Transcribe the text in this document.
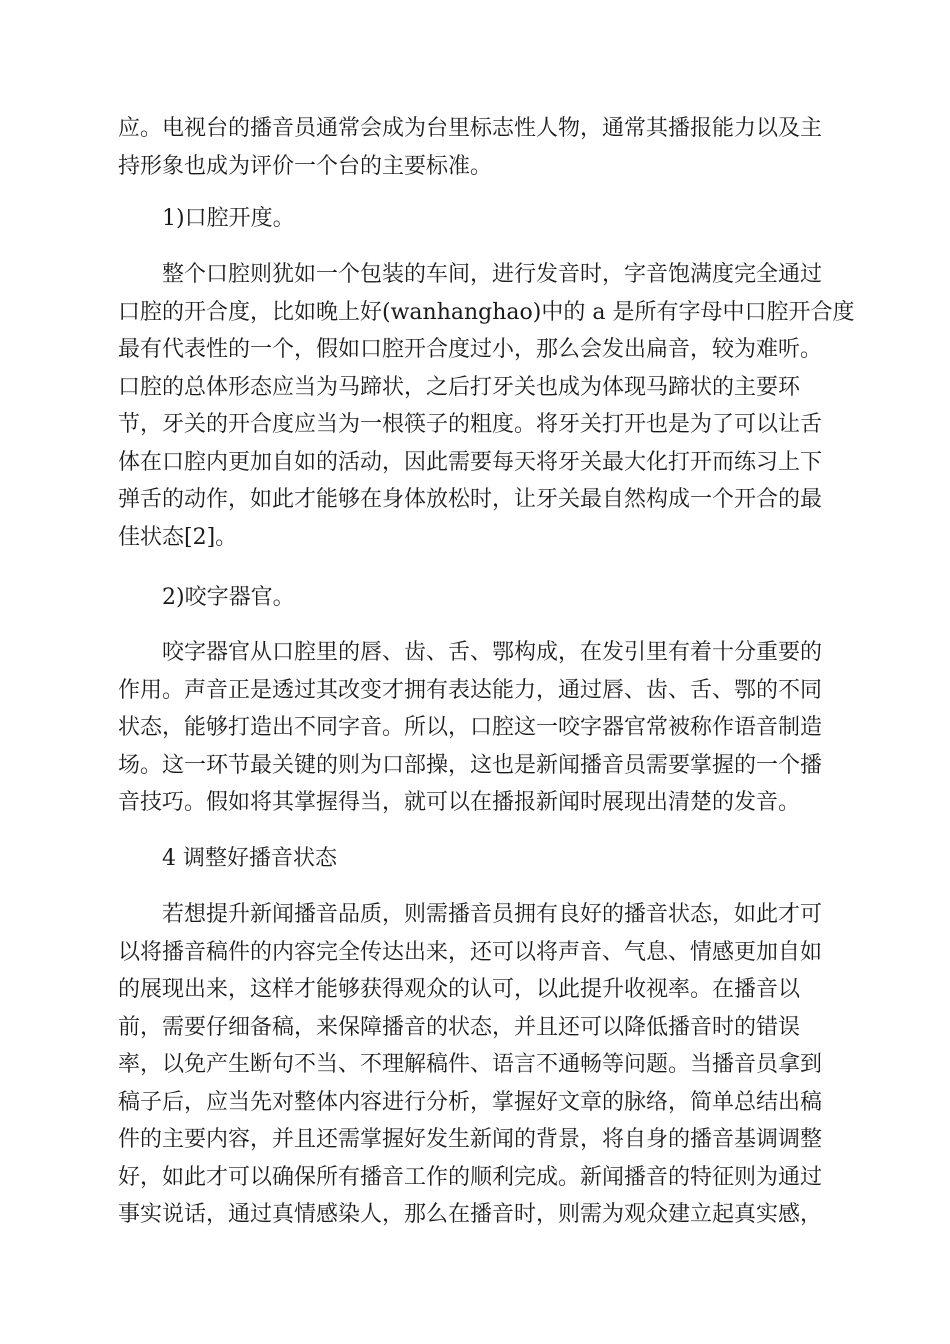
应。电视台的播音员通常会成为台里标志性人物，通常其播报能力以及主
持形象也成为评价一个台的主要标准。
1)口腔开度。
整个口腔则犹如一个包装的车间，进行发音时，字音饱满度完全通过
口腔的开合度，比如晚上好(wanhanghao)中的 a 是所有字母中口腔开合度
最有代表性的一个，假如口腔开合度过小，那么会发出扁音，较为难听。
口腔的总体形态应当为马蹄状，之后打牙关也成为体现马蹄状的主要环
节，牙关的开合度应当为一根筷子的粗度。将牙关打开也是为了可以让舌
体在口腔内更加自如的活动，因此需要每天将牙关最大化打开而练习上下
弹舌的动作，如此才能够在身体放松时，让牙关最自然构成一个开合的最
佳状态[2]。
2)咬字器官。
咬字器官从口腔里的唇、齿、舌、鄂构成，在发引里有着十分重要的
作用。声音正是透过其改变才拥有表达能力，通过唇、齿、舌、鄂的不同
状态，能够打造出不同字音。所以，口腔这一咬字器官常被称作语音制造
场。这一环节最关键的则为口部操，这也是新闻播音员需要掌握的一个播
音技巧。假如将其掌握得当，就可以在播报新闻时展现出清楚的发音。
4 调整好播音状态
若想提升新闻播音品质，则需播音员拥有良好的播音状态，如此才可
以将播音稿件的内容完全传达出来，还可以将声音、气息、情感更加自如
的展现出来，这样才能够获得观众的认可，以此提升收视率。在播音以
前，需要仔细备稿，来保障播音的状态，并且还可以降低播音时的错误
率，以免产生断句不当、不理解稿件、语言不通畅等问题。当播音员拿到
稿子后，应当先对整体内容进行分析，掌握好文章的脉络，简单总结出稿
件的主要内容，并且还需掌握好发生新闻的背景，将自身的播音基调调整
好，如此才可以确保所有播音工作的顺利完成。新闻播音的特征则为通过
事实说话，通过真情感染人，那么在播音时，则需为观众建立起真实感，
